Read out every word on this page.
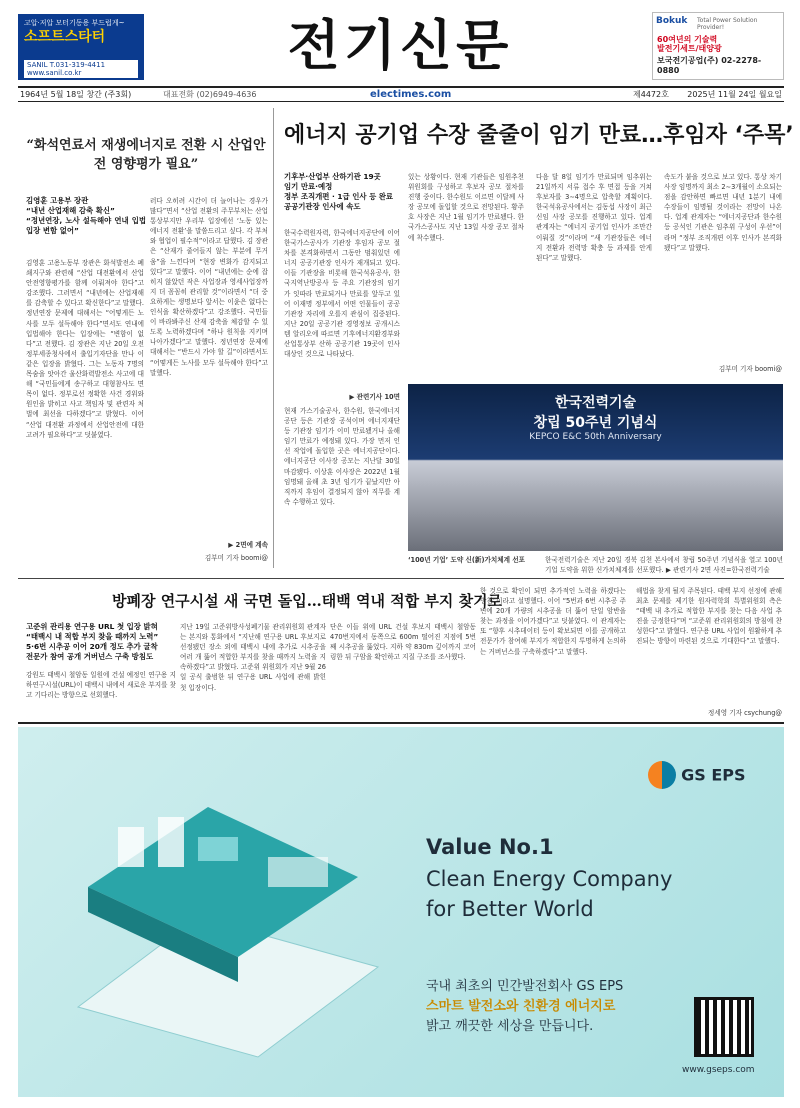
고압·저압 모터기동용 부드럽게~
소프트스타터
SANIL T.031-319-4411 www.sanil.co.kr	전기신문	Bokuk	Total Power Solution Provider!
60여년의 기술력
발전기세트/태양광
보국전기공업(주) 02-2278-0880
1964년 5월 18일 창간 (주3회)	대표전화 (02)6949-4636	electimes.com	제4472호 2025년 11월 24일 월요일
“화석연료서 재생에너지로 전환 시 산업안전 영향평가 필요”
김영훈 고용부 장관
“내년 산업재해 감축 확신”
“정년연장, 노사 설득해야 연내 입법 입장 변함 없어”
김영훈 고용노동부 장관은 화석발전소 폐쇄지구와 관련해 “산업 대전환에서 산업안전영향평가를 함께 이뤄져야 한다”고 강조했다. 그러면서 “내년에는 산업재해를 감축할 수 있다고 확신한다”고 말했다. 정년연장 문제에 대해서는 “어떻게든 노사를 모두 설득해야 한다”면서도 연내에 입법해야 한다는 입장에는 “변함이 없다”고 전했다. 김 장관은 지난 20일 오전 정부세종청사에서 출입기자단을 만나 이 같은 입장을 밝혔다. 그는 노동자 7명의 목숨을 앗아간 울산화력발전소 사고에 대해 “국민들에게 송구하고 대형참사도 면목이 없다. 정부로선 정확한 사건 경위와 원인을 밝히고 사고 책임자 및 관련자 처벌에 최선을 다하겠다”고 밝혔다. 이어 “산업 대전환 과정에서 산업안전에 대한 고려가 필요하다”고 덧붙였다.
러다 오히려 시간이 더 늘어나는 경우가 많다”면서 “산업 전환의 주무부처는 산업통상부지만 우리부 입장에선 ‘노동 있는 에너지 전환’을 말씀드리고 싶다. 각 부처와 협업이 필수적”이라고 답했다. 김 장관은 “산재가 줄어들지 않는 부분에 무거움”을 느낀다며 “현장 변화가 감지되고 있다”고 말했다. 이어 “내년에는 순에 잡히지 않았던 작은 사업장과 영세사업장까지 더 꼼꼼히 관리할 것”이라면서 “더 중요하게는 생명보다 앞서는 이윤은 없다는 인식을 확산하겠다”고 강조했다. 국민들이 바라봐주신 산재 감축을 체감할 수 있도록 노력하겠다며 “하나 원칙을 지키며 나아가겠다”고 말했다. 정년연장 문제에 대해서는 “반드시 가야 할 길”이라면서도 “어떻게든 노사를 모두 설득해야 한다”고 말했다.
▶ 2면에 계속
김부미 기자 boomi@
에너지 공기업 수장 줄줄이 임기 만료…후임자 ‘주목’
기후부·산업부 산하기관 19곳
임기 만료·예정
정부 조직개편 · 1급 인사 등 완료
공공기관장 인사에 속도
한국수력원자력, 한국에너지공단에 이어 한국가스공사가 기관장 후임자 공모 절차를 본격화하면서 그동안 멈춰있던 에너지 공공기관장 인사가 재개되고 있다. 이들 기관장을 비롯해 한국석유공사, 한국지역난방공사 등 주요 기관장의 임기가 잇따라 만료되거나 만료를 앞두고 있어 이재명 정부에서 어떤 인물들이 공공기관장 자리에 오를지 관심이 집중된다. 지난 20일 공공기관 경영정보 공개시스템 알리오에 따르면 기후에너지환경부와 산업통상부 산하 공공기관 19곳이 인사 대상인 것으로 나타났다.
▶ 관련기사 10면
현재 가스기술공사, 한수원, 한국에너지공단 등은 기관장 공석이며 에너지재단 등 기관장 임기가 이미 만료됐거나 올해 임기 만료가 예정돼 있다. 가장 먼저 인선 작업에 돌입한 곳은 에너지공단이다. 에너지공단 이사장 공모는 지난달 30일 마감됐다. 이상훈 이사장은 2022년 1월 임명돼 올해 초 3년 임기가 끝났지만 아직까지 후임이 결정되지 않아 직무를 계속 수행하고 있다.
있는 상황이다. 현재 기관들은 임원추천위원회를 구성하고 후보자 공모 절차를 진행 중이다. 한수원도 이르면 이달께 사장 공모에 돌입할 것으로 전망된다. 황주호 사장은 지난 1월 임기가 만료됐다. 한국가스공사도 지난 13일 사장 공모 절차에 착수했다.
다음 달 8일 임기가 만료되며 임추위는 21일까지 서류 접수 후 면접 등을 거쳐 후보자를 3∼4명으로 압축할 계획이다. 한국석유공사에서는 김동섭 사장이 최근 신임 사장 공모를 진행하고 있다. 업계 관계자는 “에너지 공기업 인사가 조만간 이뤄질 것”이라며 “새 기관장들은 에너지 전환과 전력망 확충 등 과제를 안게 된다”고 말했다.
속도가 붙을 것으로 보고 있다. 통상 차기 사장 임명까지 최소 2∼3개월이 소요되는 점을 감안하면 빠르면 내년 1분기 내에 수장들이 임명될 것이라는 전망이 나온다. 업계 관계자는 “에너지공단과 한수원 등 공석인 기관은 임추위 구성이 우선”이라며 “정부 조직개편 이후 인사가 본격화됐다”고 말했다.
김부미 기자 boomi@
한국전력기술
창립 50주년 기념식
KEPCO E&C 50th Anniversary
‘100년 기업’ 도약 신(新)가치체계 선포	한국전력기술은 지난 20일 경북 김천 본사에서 창립 50주년 기념식을 열고 100년 기업 도약을 위한 신가치체계를 선포했다. ▶ 관련기사 2면 사진=한국전력기술
방폐장 연구시설 새 국면 돌입…태백 역내 적합 부지 찾기로
고준위 관리용 연구용 URL 첫 입장 밝혀
“태백시 내 적합 부지 찾을 때까지 노력”
5·6번 시추공 이어 20개 정도 추가 굴착
전문가 참여 공개 거버넌스 구축 방침도
강원도 태백시 철암동 일원에 건설 예정인 연구용 지하연구시설(URL)이 태백시 내에서 새로운 부지를 찾고 기다리는 방향으로 선회했다.
지난 19일 고준위방사성폐기물 관리위원회 관계자는 본지와 통화에서 “지난해 연구용 URL 후보지로 선정됐던 장소 외에 태백시 내에 추가로 시추공을 여러 개 뚫어 적합한 부지를 찾을 때까지 노력을 지속하겠다”고 밝혔다. 고준위 위원회가 지난 9월 26일 공식 출범한 뒤 연구용 URL 사업에 관해 밝힌 첫 입장이다.
단은 이들 위에 URL 건설 후보지 태백시 철암동 470번지에서 동쪽으로 600m 떨어진 지점에 5번째 시추공을 뚫었다. 지하 약 830m 깊이까지 코어링한 뒤 구암을 확인하고 지질 구조를 조사했다.
한 것으로 확인이 되면 추가적인 노력을 하겠다는 방침”이라고 설명했다. 이어 “5번과 6번 시추공 주변에 20개 가량의 시추공을 더 뚫어 단일 암반을 찾는 과정을 이어가겠다”고 덧붙였다. 이 관계자는 또 “향후 시추데이터 등이 확보되면 이를 공개하고 전문가가 참여해 부지가 적합한지 투명하게 논의하는 거버넌스를 구축하겠다”고 말했다.
해법을 찾게 될지 주목된다. 태백 부지 선정에 관해 최초 문제를 제기한 원자력학회 특별위원회 측은 “태백 내 추가로 적합한 부지를 찾는 다음 사업 추진을 긍정한다”며 “고준위 관리위원회의 방침에 찬성한다”고 밝혔다. 연구용 URL 사업이 원활하게 추진되는 방향이 마련된 것으로 기대한다”고 말했다.
정세영 기자 csychung@
GS EPS
Value No.1
Clean Energy Company
for Better World
국내 최초의 민간발전회사 GS EPS
스마트 발전소와 친환경 에너지로
밝고 깨끗한 세상을 만듭니다.
www.gseps.com
